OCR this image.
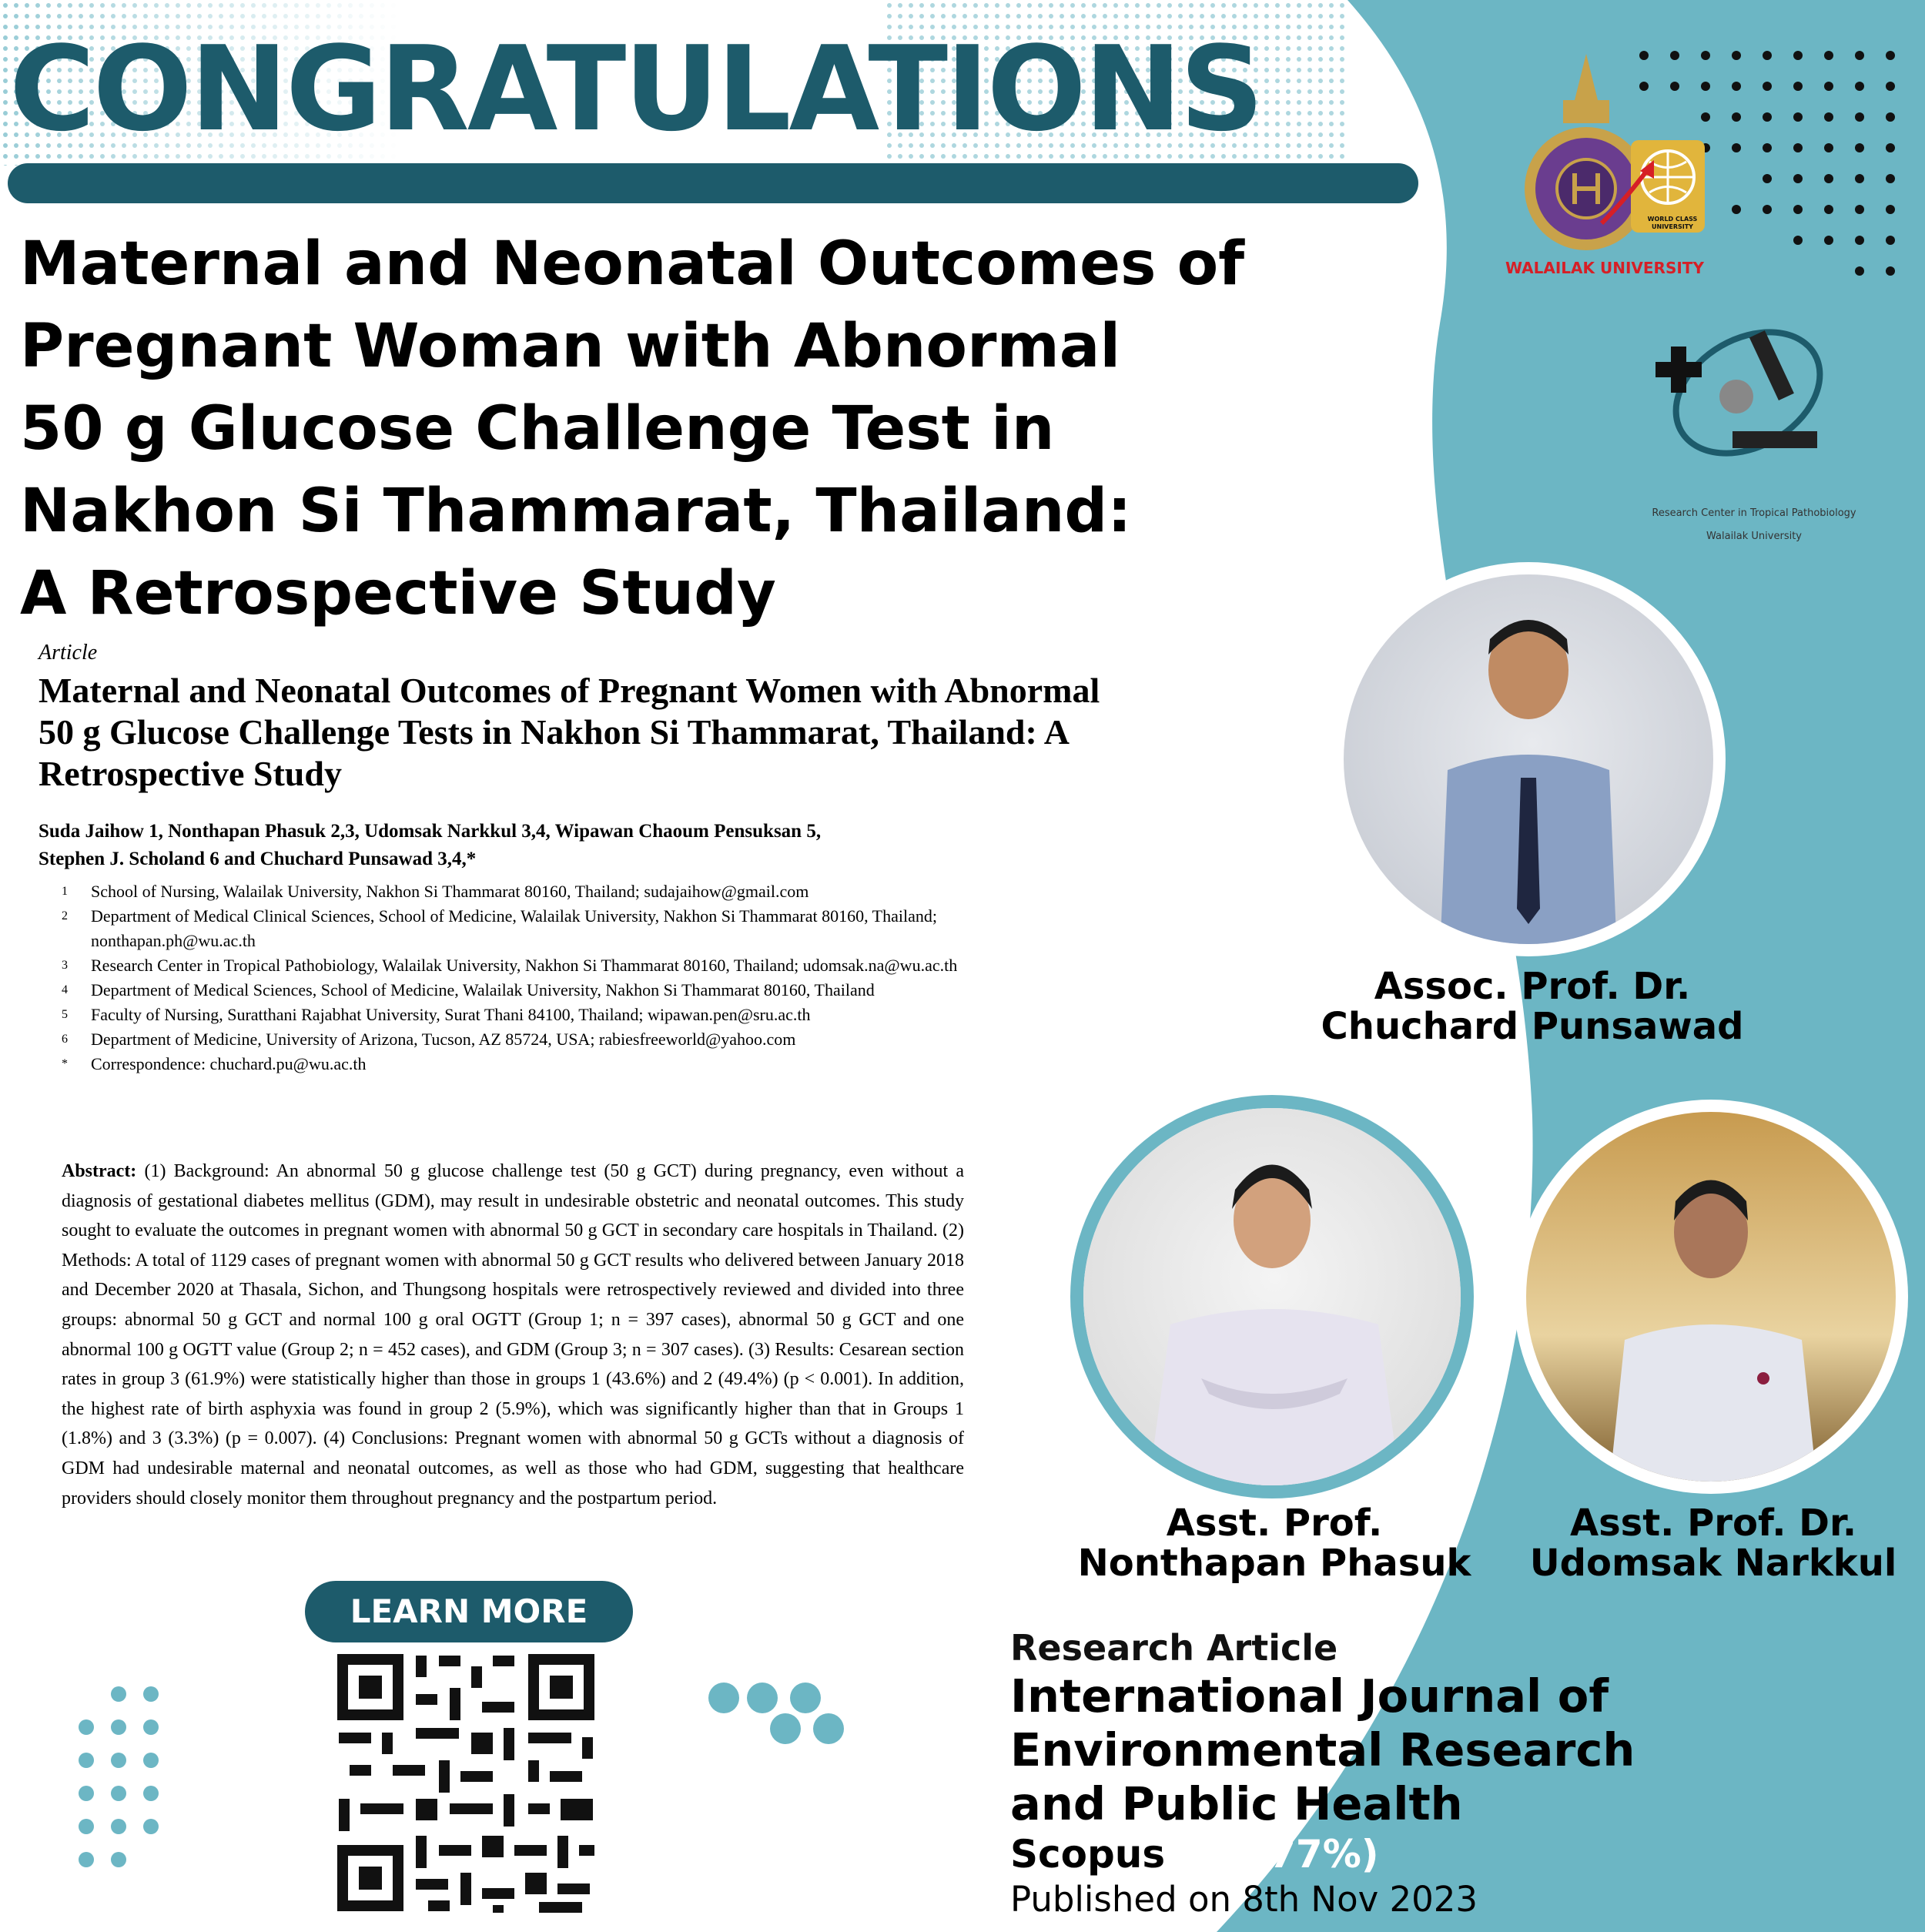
CONGRATULATIONS
Maternal and Neonatal Outcomes of
Pregnant Woman with Abnormal
50 g Glucose Challenge Test in
Nakhon Si Thammarat, Thailand:
A Retrospective Study
WALAILAK UNIVERSITY
WORLD CLASS UNIVERSITY
Research Center in Tropical Pathobiology
Walailak University
Article
Maternal and Neonatal Outcomes of Pregnant Women with Abnormal 50 g Glucose Challenge Tests in Nakhon Si Thammarat, Thailand: A Retrospective Study
Suda Jaihow 1, Nonthapan Phasuk 2,3, Udomsak Narkkul 3,4, Wipawan Chaoum Pensuksan 5,
Stephen J. Scholand 6 and Chuchard Punsawad 3,4,*
1	School of Nursing, Walailak University, Nakhon Si Thammarat 80160, Thailand; sudajaihow@gmail.com
2	Department of Medical Clinical Sciences, School of Medicine, Walailak University, Nakhon Si Thammarat 80160, Thailand; nonthapan.ph@wu.ac.th
3	Research Center in Tropical Pathobiology, Walailak University, Nakhon Si Thammarat 80160, Thailand; udomsak.na@wu.ac.th
4	Department of Medical Sciences, School of Medicine, Walailak University, Nakhon Si Thammarat 80160, Thailand
5	Faculty of Nursing, Suratthani Rajabhat University, Surat Thani 84100, Thailand; wipawan.pen@sru.ac.th
6	Department of Medicine, University of Arizona, Tucson, AZ 85724, USA; rabiesfreeworld@yahoo.com
*	Correspondence: chuchard.pu@wu.ac.th
Abstract: (1) Background: An abnormal 50 g glucose challenge test (50 g GCT) during pregnancy, even without a diagnosis of gestational diabetes mellitus (GDM), may result in undesirable obstetric and neonatal outcomes. This study sought to evaluate the outcomes in pregnant women with abnormal 50 g GCT in secondary care hospitals in Thailand. (2) Methods: A total of 1129 cases of pregnant women with abnormal 50 g GCT results who delivered between January 2018 and December 2020 at Thasala, Sichon, and Thungsong hospitals were retrospectively reviewed and divided into three groups: abnormal 50 g GCT and normal 100 g oral OGTT (Group 1; n = 397 cases), abnormal 50 g GCT and one abnormal 100 g OGTT value (Group 2; n = 452 cases), and GDM (Group 3; n = 307 cases). (3) Results: Cesarean section rates in group 3 (61.9%) were statistically higher than those in groups 1 (43.6%) and 2 (49.4%) (p < 0.001). In addition, the highest rate of birth asphyxia was found in group 2 (5.9%), which was significantly higher than that in Groups 1 (1.8%) and 3 (3.3%) (p = 0.007). (4) Conclusions: Pregnant women with abnormal 50 g GCTs without a diagnosis of GDM had undesirable maternal and neonatal outcomes, as well as those who had GDM, suggesting that healthcare providers should closely monitor them throughout pregnancy and the postpartum period.
LEARN MORE
Assoc. Prof. Dr.
Chuchard Punsawad
Asst. Prof.
Nonthapan Phasuk
Asst. Prof. Dr.
Udomsak Narkkul
Research Article
International Journal of
Environmental Research
and Public Health
Scopus Q1 (77%)
Published on 8th Nov 2023
